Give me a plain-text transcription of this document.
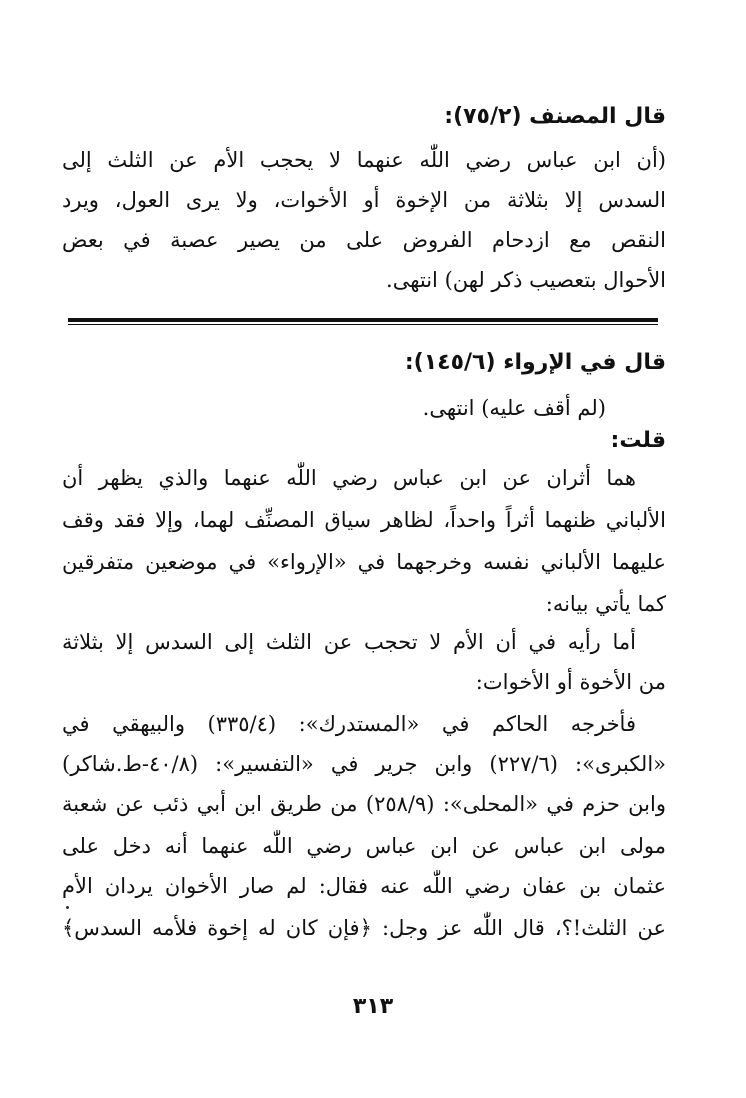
قال المصنف (٧٥/٢):
(أن ابن عباس رضي اللّٰه عنهما لا يحجب الأم عن الثلث إلى
السدس إلا بثلاثة من الإخوة أو الأخوات، ولا يرى العول، ويرد
النقص مع ازدحام الفروض على من يصير عصبة في بعض
الأحوال بتعصيب ذكر لهن) انتهى.
قال في الإرواء (١٤٥/٦):
(لم أقف عليه) انتهى.
قلت:
هما أثران عن ابن عباس رضي اللّٰه عنهما والذي يظهر أن
الألباني ظنهما أثراً واحداً، لظاهر سياق المصنِّف لهما، وإلا فقد وقف
عليهما الألباني نفسه وخرجهما في «الإرواء» في موضعين متفرقين
كما يأتي بيانه:
أما رأيه في أن الأم لا تحجب عن الثلث إلى السدس إلا بثلاثة
من الأخوة أو الأخوات:
فأخرجه الحاكم في «المستدرك»: (٣٣٥/٤) والبيهقي في
«الكبرى»: (٢٢٧/٦) وابن جرير في «التفسير»: (٤٠/٨-ط.شاكر)
وابن حزم في «المحلى»: (٢٥٨/٩) من طريق ابن أبي ذئب عن شعبة
مولى ابن عباس عن ابن عباس رضي اللّٰه عنهما أنه دخل على
عثمان بن عفان رضي اللّٰه عنه فقال: لم صار الأخوان يردان الأم
عن الثلث!؟، قال اللّٰه عز وجل: ﴿فإن كان له إخوة فلأمه السدس﴾
٣١٣
